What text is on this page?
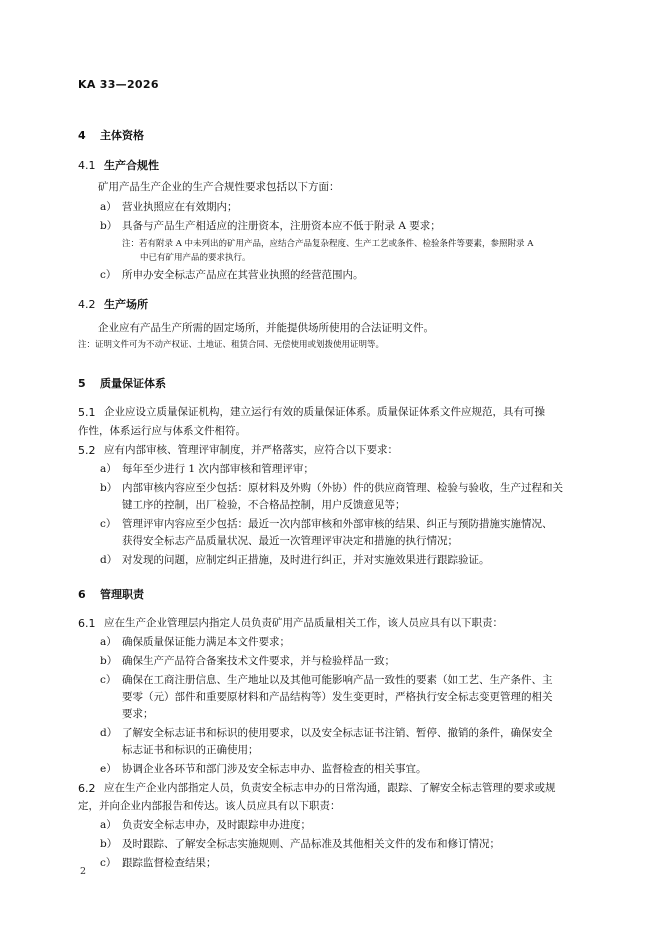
KA 33—2026
4 主体资格
4.1 生产合规性
矿用产品生产企业的生产合规性要求包括以下方面：
a） 营业执照应在有效期内；
b） 具备与产品生产相适应的注册资本，注册资本应不低于附录 A 要求；
注：若有附录 A 中未列出的矿用产品，应结合产品复杂程度、生产工艺或条件、检验条件等要素，参照附录 A
中已有矿用产品的要求执行。
c） 所申办安全标志产品应在其营业执照的经营范围内。
4.2 生产场所
企业应有产品生产所需的固定场所，并能提供场所使用的合法证明文件。
注：证明文件可为不动产权证、土地证、租赁合同、无偿使用或划拨使用证明等。
5 质量保证体系
5.1 企业应设立质量保证机构，建立运行有效的质量保证体系。质量保证体系文件应规范，具有可操
作性，体系运行应与体系文件相符。
5.2 应有内部审核、管理评审制度，并严格落实，应符合以下要求：
a） 每年至少进行 1 次内部审核和管理评审；
b） 内部审核内容应至少包括：原材料及外购（外协）件的供应商管理、检验与验收，生产过程和关
键工序的控制，出厂检验，不合格品控制，用户反馈意见等；
c） 管理评审内容应至少包括：最近一次内部审核和外部审核的结果、纠正与预防措施实施情况、
获得安全标志产品质量状况、最近一次管理评审决定和措施的执行情况；
d） 对发现的问题，应制定纠正措施，及时进行纠正，并对实施效果进行跟踪验证。
6 管理职责
6.1 应在生产企业管理层内指定人员负责矿用产品质量相关工作，该人员应具有以下职责：
a） 确保质量保证能力满足本文件要求；
b） 确保生产产品符合备案技术文件要求，并与检验样品一致；
c） 确保在工商注册信息、生产地址以及其他可能影响产品一致性的要素（如工艺、生产条件、主
要零（元）部件和重要原材料和产品结构等）发生变更时，严格执行安全标志变更管理的相关
要求；
d） 了解安全标志证书和标识的使用要求，以及安全标志证书注销、暂停、撤销的条件，确保安全
标志证书和标识的正确使用；
e） 协调企业各环节和部门涉及安全标志申办、监督检查的相关事宜。
6.2 应在生产企业内部指定人员，负责安全标志申办的日常沟通，跟踪、了解安全标志管理的要求或规
定，并向企业内部报告和传达。该人员应具有以下职责：
a） 负责安全标志申办，及时跟踪申办进度；
b） 及时跟踪、了解安全标志实施规则、产品标准及其他相关文件的发布和修订情况；
c） 跟踪监督检查结果；
2
